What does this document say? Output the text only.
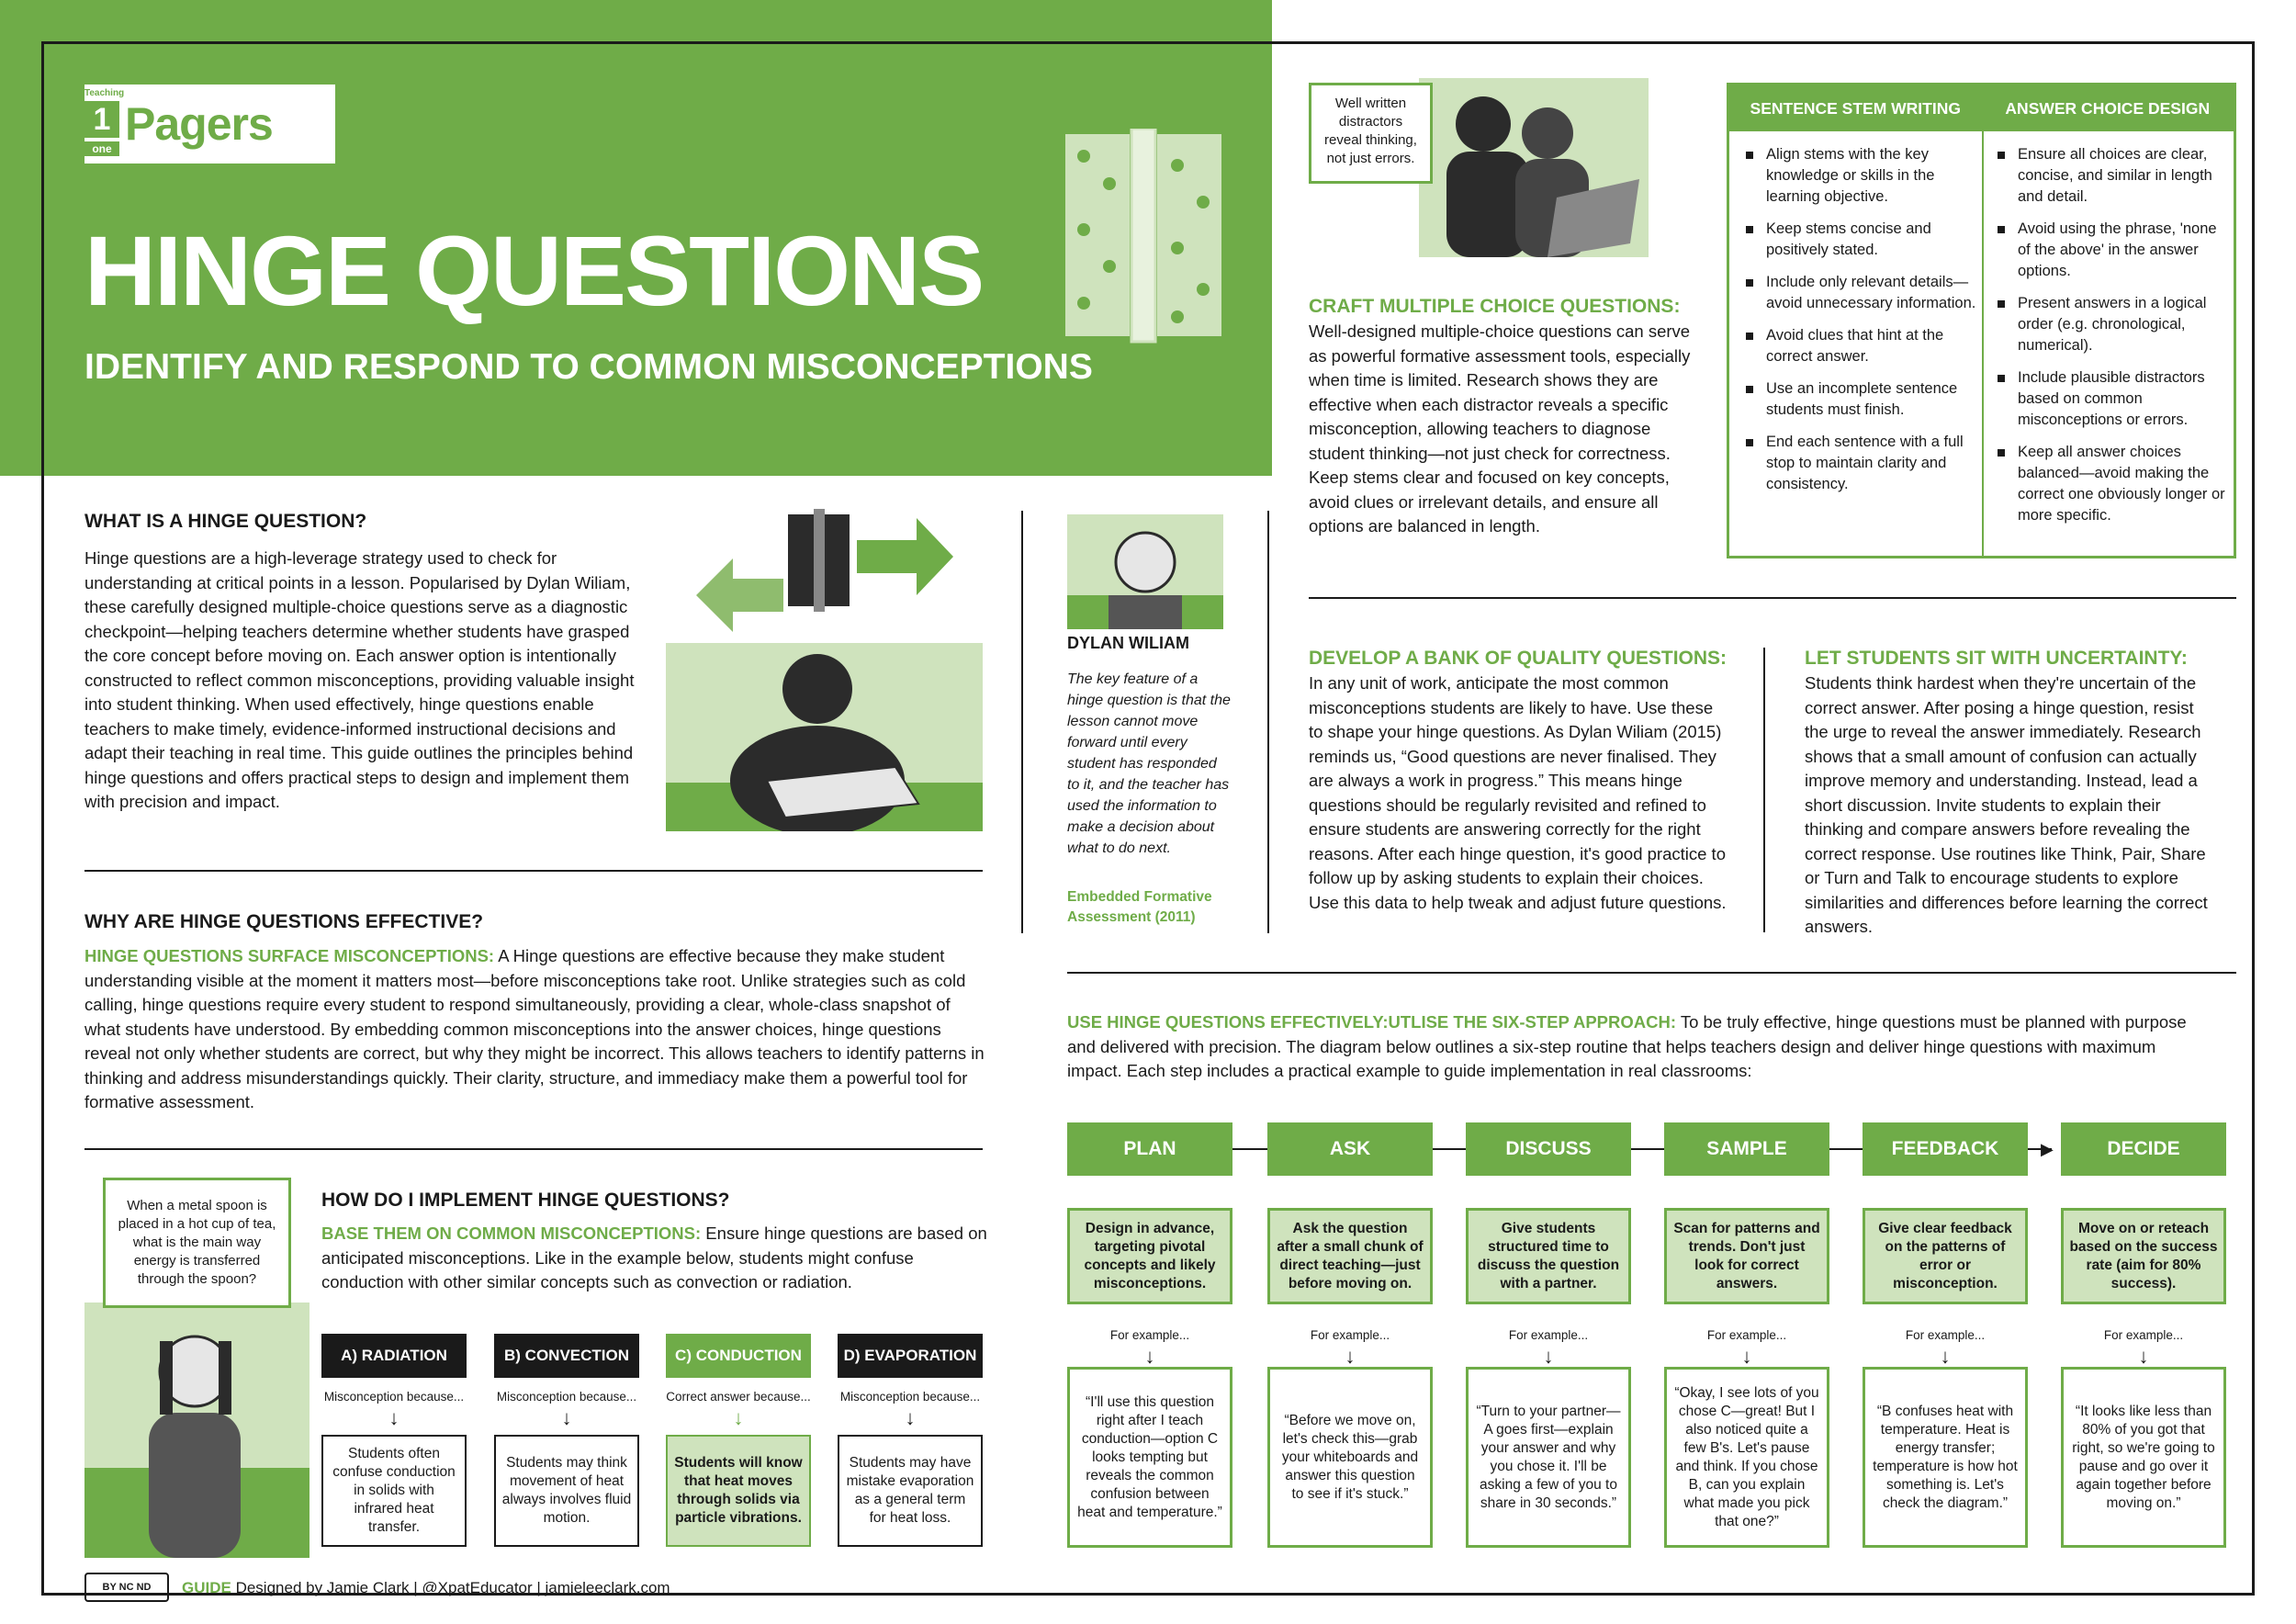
Teaching
1
one Pagers
HINGE QUESTIONS
IDENTIFY AND RESPOND TO COMMON MISCONCEPTIONS
Well written distractors reveal thinking, not just errors.
CRAFT MULTIPLE CHOICE QUESTIONS:
Well-designed multiple-choice questions can serve as powerful formative assessment tools, especially when time is limited. Research shows they are effective when each distractor reveals a specific misconception, allowing teachers to diagnose student thinking—not just check for correctness. Keep stems clear and focused on key concepts, avoid clues or irrelevant details, and ensure all options are balanced in length.
SENTENCE STEM WRITING	ANSWER CHOICE DESIGN
Align stems with the key knowledge or skills in the learning objective.
Keep stems concise and positively stated.
Include only relevant details—avoid unnecessary information.
Avoid clues that hint at the correct answer.
Use an incomplete sentence students must finish.
End each sentence with a full stop to maintain clarity and consistency.
Ensure all choices are clear, concise, and similar in length and detail.
Avoid using the phrase, 'none of the above' in the answer options.
Present answers in a logical order (e.g. chronological, numerical).
Include plausible distractors based on common misconceptions or errors.
Keep all answer choices balanced—avoid making the correct one obviously longer or more specific.
WHAT IS A HINGE QUESTION?
Hinge questions are a high-leverage strategy used to check for understanding at critical points in a lesson. Popularised by Dylan Wiliam, these carefully designed multiple-choice questions serve as a diagnostic checkpoint—helping teachers determine whether students have grasped the core concept before moving on. Each answer option is intentionally constructed to reflect common misconceptions, providing valuable insight into student thinking. When used effectively, hinge questions enable teachers to make timely, evidence-informed instructional decisions and adapt their teaching in real time. This guide outlines the principles behind hinge questions and offers practical steps to design and implement them with precision and impact.
WHY ARE HINGE QUESTIONS EFFECTIVE?
HINGE QUESTIONS SURFACE MISCONCEPTIONS: A Hinge questions are effective because they make student understanding visible at the moment it matters most—before misconceptions take root. Unlike strategies such as cold calling, hinge questions require every student to respond simultaneously, providing a clear, whole-class snapshot of what students have understood. By embedding common misconceptions into the answer choices, hinge questions reveal not only whether students are correct, but why they might be incorrect. This allows teachers to identify patterns in thinking and address misunderstandings quickly. Their clarity, structure, and immediacy make them a powerful tool for formative assessment.
When a metal spoon is placed in a hot cup of tea, what is the main way energy is transferred through the spoon?
HOW DO I IMPLEMENT HINGE QUESTIONS?
BASE THEM ON COMMON MISCONCEPTIONS: Ensure hinge questions are based on anticipated misconceptions. Like in the example below, students might confuse conduction with other similar concepts such as convection or radiation.
A) RADIATION	B) CONVECTION	C) CONDUCTION	D) EVAPORATION
Misconception because...	Misconception because...	Correct answer because...	Misconception because...
↓	↓	↓	↓
Students often confuse conduction in solids with infrared heat transfer.
Students may think movement of heat always involves fluid motion.
Students will know that heat moves through solids via particle vibrations.
Students may have mistake evaporation as a general term for heat loss.
DYLAN WILIAM
The key feature of a hinge question is that the lesson cannot move forward until every student has responded to it, and the teacher has used the information to make a decision about what to do next.
Embedded Formative Assessment (2011)
DEVELOP A BANK OF QUALITY QUESTIONS:
In any unit of work, anticipate the most common misconceptions students are likely to have. Use these to shape your hinge questions. As Dylan Wiliam (2015) reminds us, “Good questions are never finalised. They are always a work in progress.” This means hinge questions should be regularly revisited and refined to ensure students are answering correctly for the right reasons. After each hinge question, it's good practice to follow up by asking students to explain their choices. Use this data to help tweak and adjust future questions.
LET STUDENTS SIT WITH UNCERTAINTY:
Students think hardest when they're uncertain of the correct answer. After posing a hinge question, resist the urge to reveal the answer immediately. Research shows that a small amount of confusion can actually improve memory and understanding. Instead, lead a short discussion. Invite students to explain their thinking and compare answers before revealing the correct response. Use routines like Think, Pair, Share or Turn and Talk to encourage students to explore similarities and differences before learning the correct answers.
USE HINGE QUESTIONS EFFECTIVELY:UTLISE THE SIX-STEP APPROACH: To be truly effective, hinge questions must be planned with purpose and delivered with precision. The diagram below outlines a six-step routine that helps teachers design and deliver hinge questions with maximum impact. Each step includes a practical example to guide implementation in real classrooms:
▶
PLAN	ASK	DISCUSS	SAMPLE	FEEDBACK	DECIDE
Design in advance, targeting pivotal concepts and likely misconceptions.
Ask the question after a small chunk of direct teaching—just before moving on.
Give students structured time to discuss the question with a partner.
Scan for patterns and trends. Don't just look for correct answers.
Give clear feedback on the patterns of error or misconception.
Move on or reteach based on the success rate (aim for 80% success).
For example...	For example...	For example...	For example...	For example...	For example...
↓	↓	↓	↓	↓	↓
“I'll use this question right after I teach conduction—option C looks tempting but reveals the common confusion between heat and temperature.”
“Before we move on, let's check this—grab your whiteboards and answer this question to see if it's stuck.”
“Turn to your partner—A goes first—explain your answer and why you chose it. I'll be asking a few of you to share in 30 seconds.”
“Okay, I see lots of you chose C—great! But I also noticed quite a few B's. Let's pause and think. If you chose B, can you explain what made you pick that one?”
“B confuses heat with temperature. Heat is energy transfer; temperature is how hot something is. Let's check the diagram.”
“It looks like less than 80% of you got that right, so we're going to pause and go over it again together before moving on.”
BY NC ND	GUIDE Designed by Jamie Clark | @XpatEducator | jamieleeclark.com
